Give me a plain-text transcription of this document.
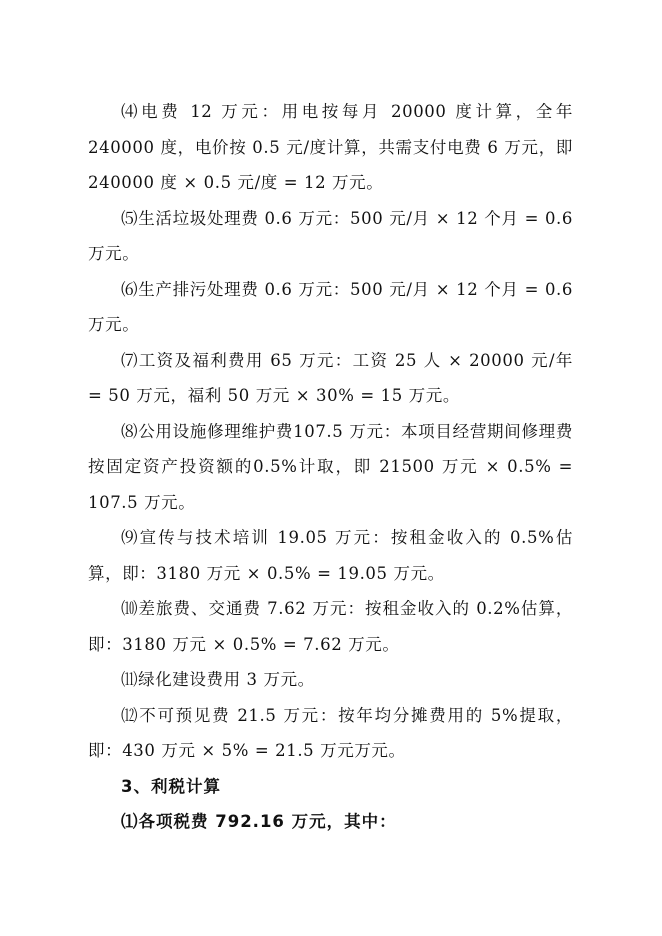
⑷电费 12 万元：用电按每月 20000 度计算，全年 240000 度，电价按 0.5 元/度计算，共需支付电费 6 万元，即 240000 度 × 0.5 元/度 = 12 万元。

⑸生活垃圾处理费 0.6 万元：500 元/月 × 12 个月 = 0.6 万元。

⑹生产排污处理费 0.6 万元：500 元/月 × 12 个月 = 0.6 万元。

⑺工资及福利费用 65 万元：工资 25 人 × 20000 元/年 = 50 万元，福利 50 万元 × 30% = 15 万元。

⑻公用设施修理维护费107.5 万元：本项目经营期间修理费按固定资产投资额的0.5%计取，即 21500 万元 × 0.5% = 107.5 万元。

⑼宣传与技术培训 19.05 万元：按租金收入的 0.5%估算，即：3180 万元 × 0.5% = 19.05 万元。

⑽差旅费、交通费 7.62 万元：按租金收入的 0.2%估算，即：3180 万元 × 0.5% = 7.62 万元。

⑾绿化建设费用 3 万元。

⑿不可预见费 21.5 万元：按年均分摊费用的 5%提取，即：430 万元 × 5% = 21.5 万元万元。

3、利税计算

⑴各项税费 792.16 万元，其中：
